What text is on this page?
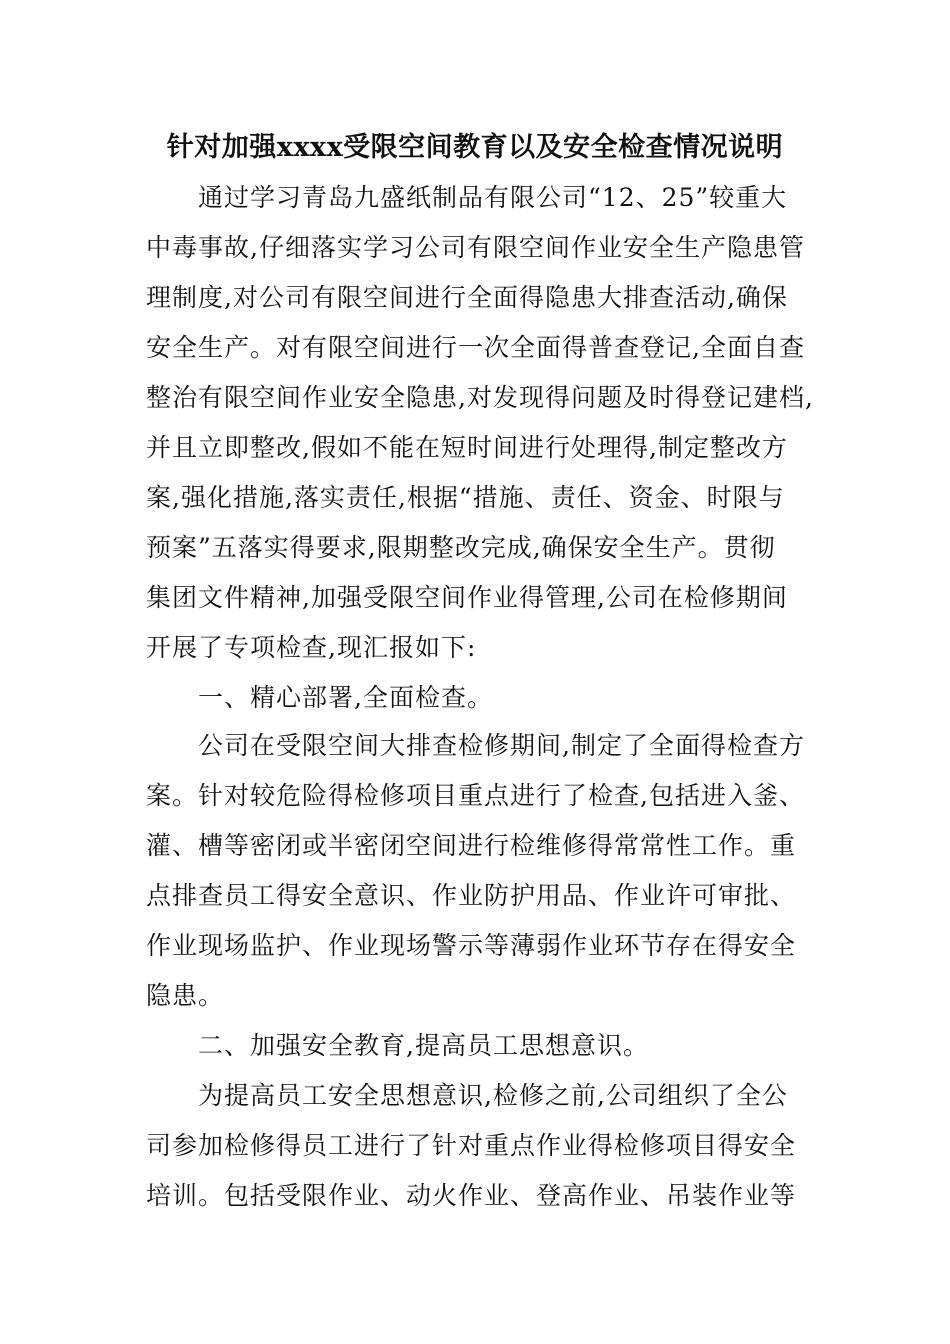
针对加强xxxx受限空间教育以及安全检查情况说明
通过学习青岛九盛纸制品有限公司“12、25”较重大
中毒事故,仔细落实学习公司有限空间作业安全生产隐患管
理制度,对公司有限空间进行全面得隐患大排查活动,确保
安全生产。对有限空间进行一次全面得普查登记,全面自查
整治有限空间作业安全隐患,对发现得问题及时得登记建档,
并且立即整改,假如不能在短时间进行处理得,制定整改方
案,强化措施,落实责任,根据“措施、责任、资金、时限与
预案”五落实得要求,限期整改完成,确保安全生产。贯彻
集团文件精神,加强受限空间作业得管理,公司在检修期间
开展了专项检查,现汇报如下:
一、精心部署,全面检查。
公司在受限空间大排查检修期间,制定了全面得检查方
案。针对较危险得检修项目重点进行了检查,包括进入釜、
灌、槽等密闭或半密闭空间进行检维修得常常性工作。重
点排查员工得安全意识、作业防护用品、作业许可审批、
作业现场监护、作业现场警示等薄弱作业环节存在得安全
隐患。
二、加强安全教育,提高员工思想意识。
为提高员工安全思想意识,检修之前,公司组织了全公
司参加检修得员工进行了针对重点作业得检修项目得安全
培训。包括受限作业、动火作业、登高作业、吊装作业等
